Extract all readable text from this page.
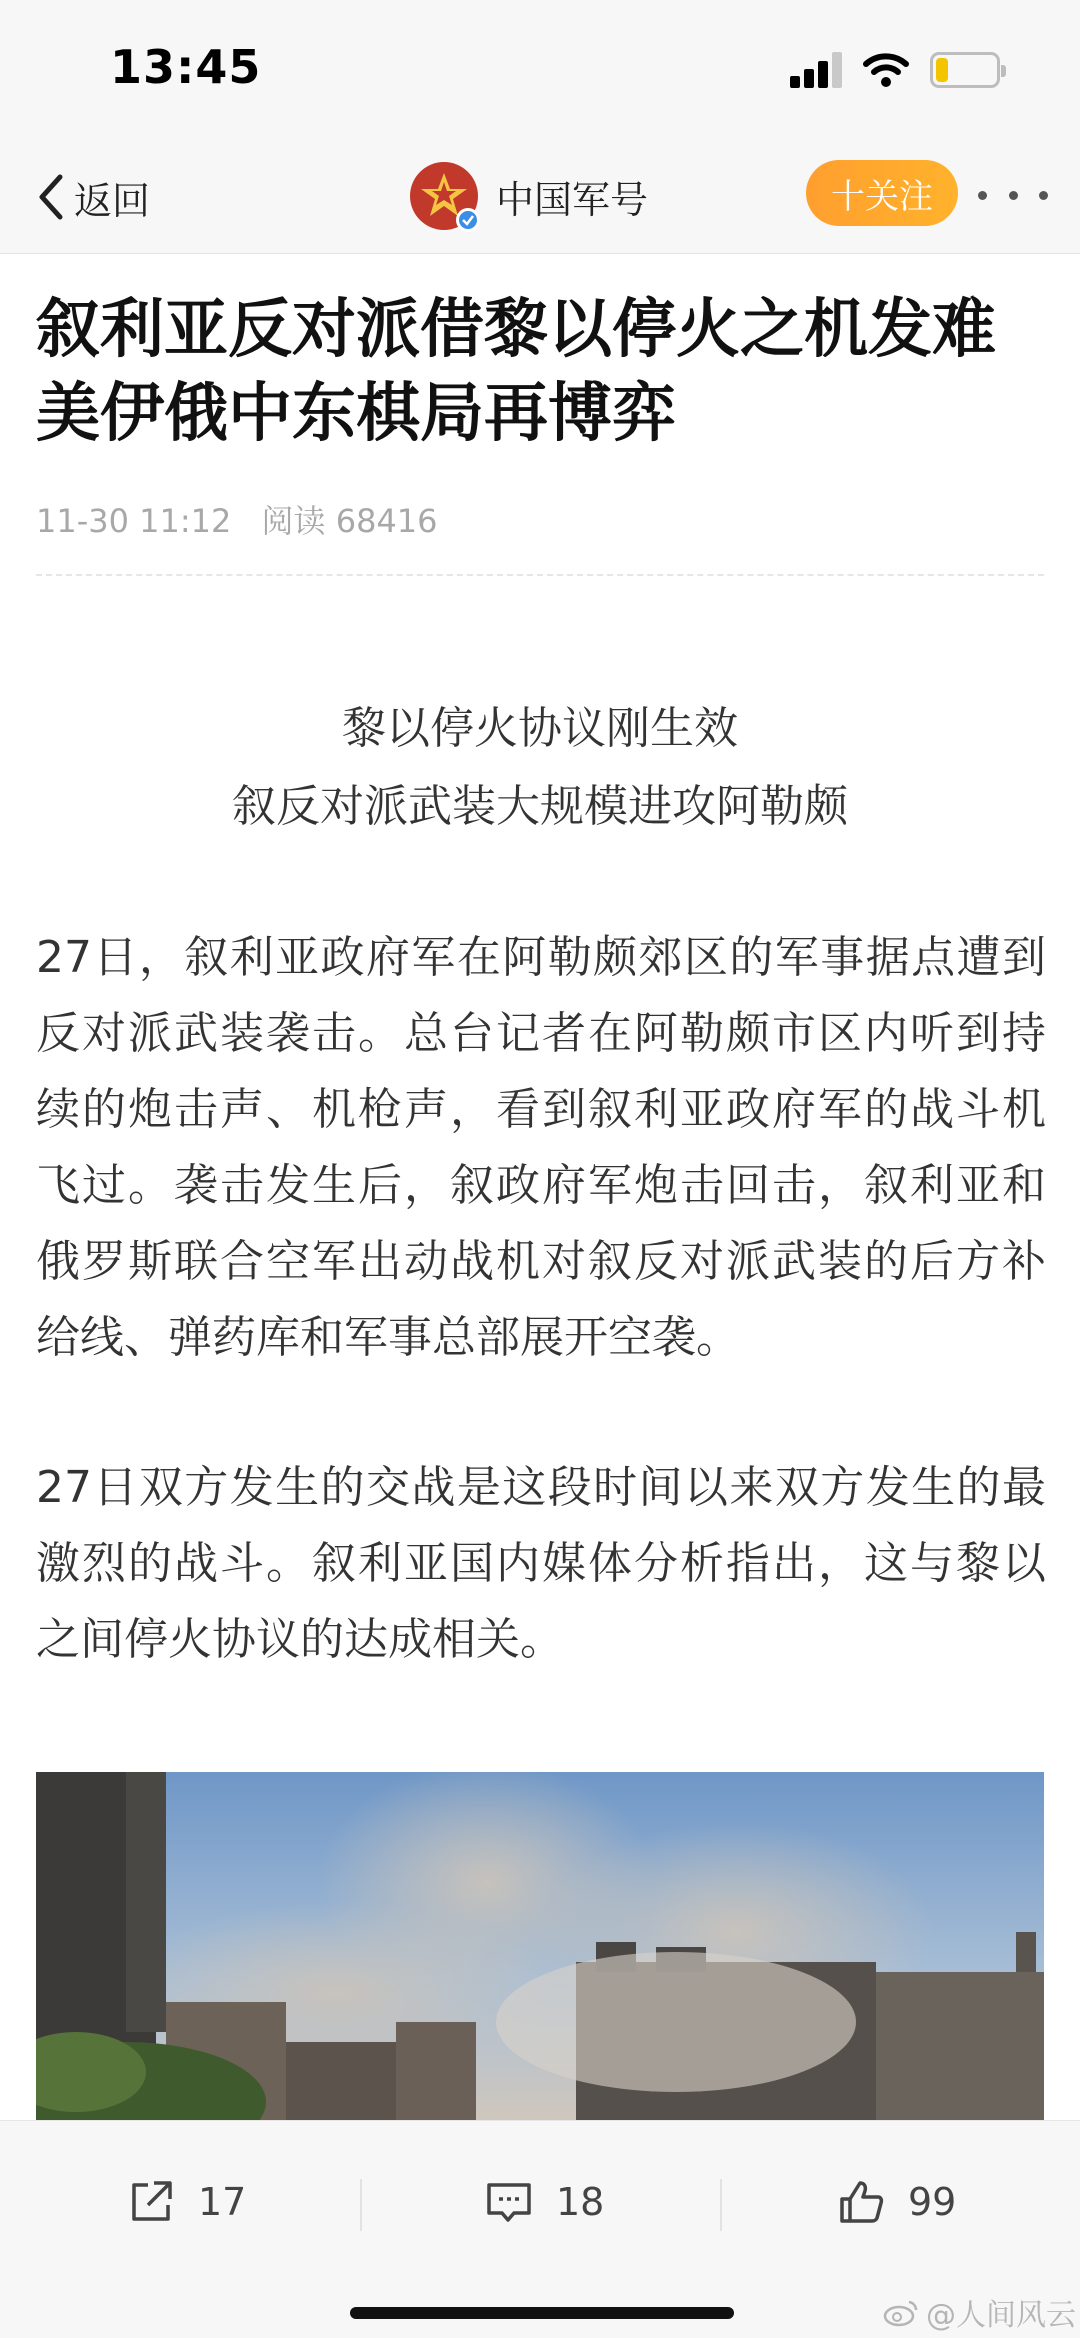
13:45
返回	中国军号	十关注
叙利亚反对派借黎以停火之机发难 美伊俄中东棋局再博弈
11-30 11:12 阅读 68416
黎以停火协议刚生效
叙反对派武装大规模进攻阿勒颇

27日，叙利亚政府军在阿勒颇郊区的军事据点遭到反对派武装袭击。总台记者在阿勒颇市区内听到持续的炮击声、机枪声，看到叙利亚政府军的战斗机飞过。袭击发生后，叙政府军炮击回击，叙利亚和俄罗斯联合空军出动战机对叙反对派武装的后方补给线、弹药库和军事总部展开空袭。

27日双方发生的交战是这段时间以来双方发生的最激烈的战斗。叙利亚国内媒体分析指出，这与黎以之间停火协议的达成相关。

17	18	99
@人间风云
